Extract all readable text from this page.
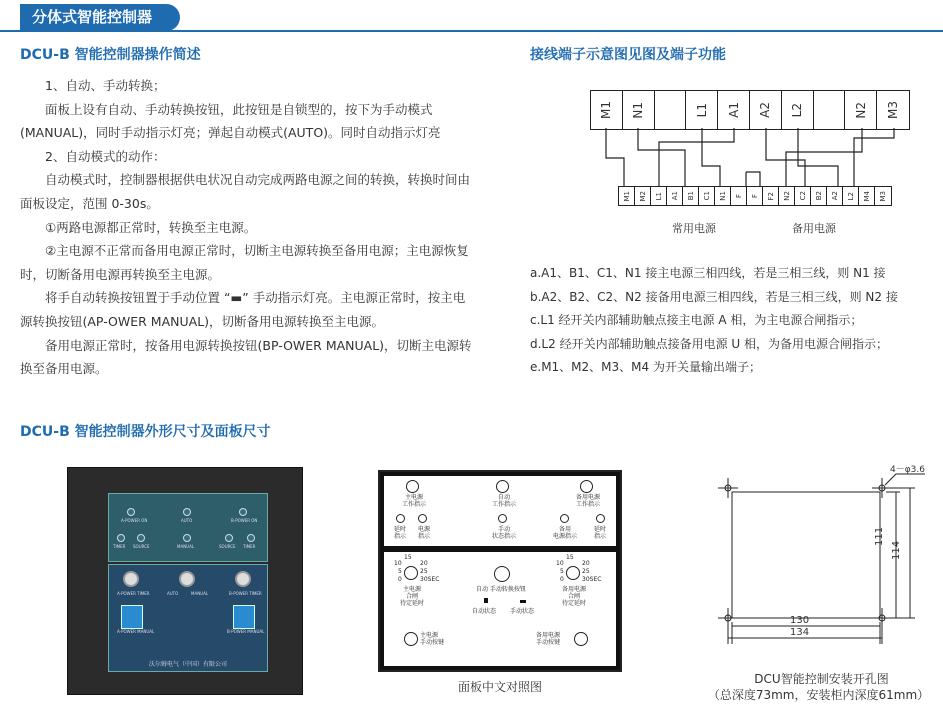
分体式智能控制器
DCU-B 智能控制器操作简述

1、自动、手动转换；

面板上设有自动、手动转换按钮，此按钮是自锁型的，按下为手动模式(MANUAL)，同时手动指示灯亮；弹起自动模式(AUTO)。同时自动指示灯亮

2、自动模式的动作：

自动模式时，控制器根据供电状况自动完成两路电源之间的转换，转换时间由面板设定，范围 0-30s。

①两路电源都正常时，转换至主电源。

②主电源不正常而备用电源正常时，切断主电源转换至备用电源；主电源恢复时，切断备用电源再转换至主电源。

将手自动转换按钮置于手动位置 “▬” 手动指示灯亮。主电源正常时，按主电源转换按钮(AP-OWER MANUAL)，切断备用电源转换至主电源。

备用电源正常时，按备用电源转换按钮(BP-OWER MANUAL)，切断主电源转换至备用电源。

DCU-B 智能控制器外形尺寸及面板尺寸
接线端子示意图见图及端子功能
M1 N1	L1 A1 A2 L2	N2 M3
M1 M2 L1 A1 B1 C1 N1 F F F2 N2 C2 B2 A2 L2 M4 M3
常用电源	备用电源

a.A1、B1、C1、N1 接主电源三相四线，若是三相三线，则 N1 接

b.A2、B2、C2、N2 接备用电源三相四线，若是三相三线，则 N2 接

c.L1 经开关内部辅助触点接主电源 A 相，为主电源合闸指示；

d.L2 经开关内部辅助触点接备用电源 U 相，为备用电源合闸指示；

e.M1、M2、M3、M4 为开关量输出端子；

A-POWER ON	AUTO	B-POWER ON
TIMER SOURCE	MANUAL	SOURCE TIMER
A-POWER TIMER	AUTO	MANUAL	B-POWER TIMER
A-POWER MANUAL	B-POWER MANUAL
沃尔姆电气（中国）有限公司
主电源
工作指示
自动
工作指示
备用电源
工作指示
延时
指示
电源
指示
手动
状态指示
备用
电源指示
延时
指示
15
10	20
5	25
0	30SEC
主电源
合闸
待定延时
15
10	20
5	25
0	30SEC
备用电源
合闸
待定延时
自动 手动转换按钮
自动状态 手动状态
主电源
手动按键
备用电源
手动按键
面板中文对照图
4－φ3.6
111
114
130
134
DCU智能控制安装开孔图
（总深度73mm，安装柜内深度61mm）
